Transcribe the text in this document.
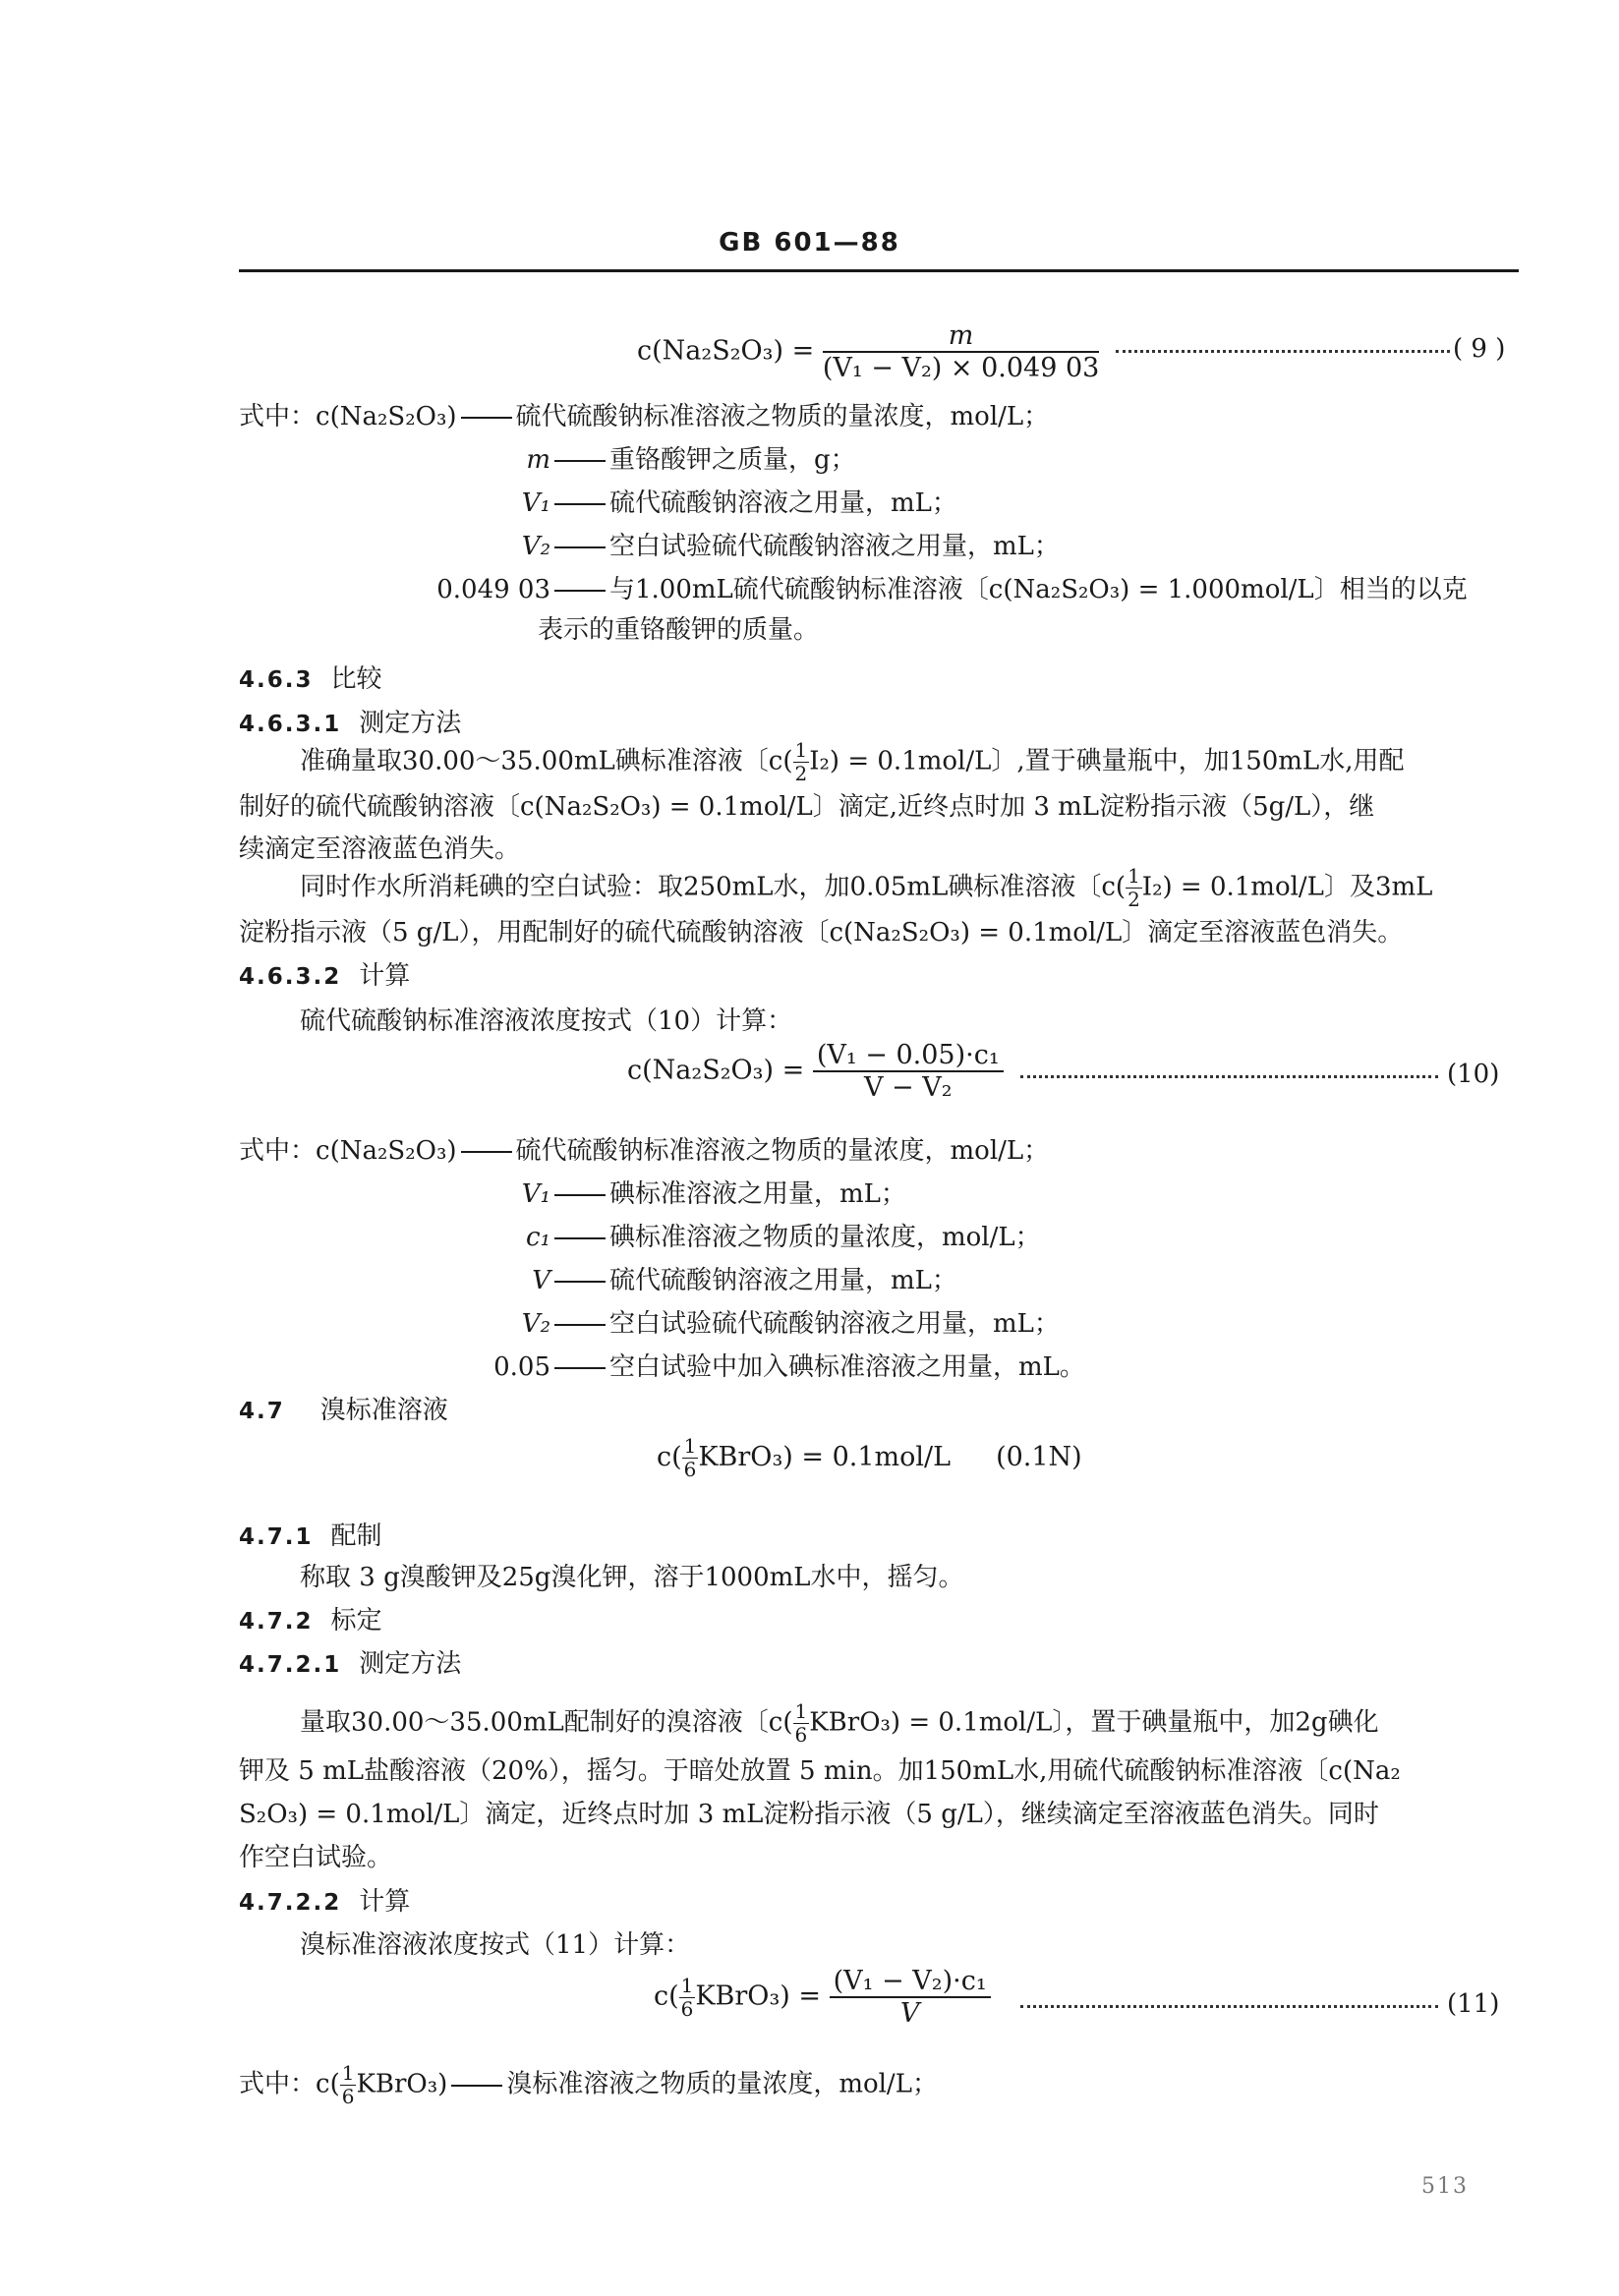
GB 601—88
$c(Na_2S_2O_3) = \frac{m}{\text{(V₁ − V₂) × 0.049 03}}$	( 9 )
式中：c(Na₂S₂O₃) 硫代硫酸钠标准溶液之物质的量浓度，mol/L；
m 重铬酸钾之质量，g；
V₁ 硫代硫酸钠溶液之用量，mL；
V₂ 空白试验硫代硫酸钠溶液之用量，mL；
0.049 03 与1.00mL硫代硫酸钠标准溶液〔c(Na₂S₂O₃) = 1.000mol/L〕相当的以克
表示的重铬酸钾的质量。
4.6.3 比较
4.6.3.1 测定方法
准确量取30.00～35.00mL碘标准溶液〔$c( \frac{1}{2} I_2) = 0.1mol/L$〕,置于碘量瓶中，加150mL水,用配
制好的硫代硫酸钠溶液〔c(Na₂S₂O₃) = 0.1mol/L〕滴定,近终点时加 3 mL淀粉指示液（5g/L），继
续滴定至溶液蓝色消失。
同时作水所消耗碘的空白试验：取250mL水，加0.05mL碘标准溶液〔$c( \frac{1}{2} I_2) = 0.1mol/L$〕及3mL
淀粉指示液（5 g/L），用配制好的硫代硫酸钠溶液〔c(Na₂S₂O₃) = 0.1mol/L〕滴定至溶液蓝色消失。
4.6.3.2 计算
硫代硫酸钠标准溶液浓度按式（10）计算：
$c(Na_2S_2O_3) = \frac{\text{(V₁ − 0.05)·c₁}}{\text{V − V₂}}$	(10)
式中：c(Na₂S₂O₃) 硫代硫酸钠标准溶液之物质的量浓度，mol/L；
V₁ 碘标准溶液之用量，mL；
c₁ 碘标准溶液之物质的量浓度，mol/L；
V 硫代硫酸钠溶液之用量，mL；
V₂ 空白试验硫代硫酸钠溶液之用量，mL；
0.05 空白试验中加入碘标准溶液之用量，mL。
4.7 溴标准溶液
$c( \frac{1}{6}$ KBrO₃) = 0.1mol/L (0.1N)
4.7.1 配制
称取 3 g溴酸钾及25g溴化钾，溶于1000mL水中，摇匀。
4.7.2 标定
4.7.2.1 测定方法
量取30.00～35.00mL配制好的溴溶液〔$c( \frac{1}{6}$ KBrO₃) = 0.1mol/L〕，置于碘量瓶中，加2g碘化
钾及 5 mL盐酸溶液（20%），摇匀。于暗处放置 5 min。加150mL水,用硫代硫酸钠标准溶液〔c(Na₂
S₂O₃) = 0.1mol/L〕滴定，近终点时加 3 mL淀粉指示液（5 g/L），继续滴定至溶液蓝色消失。同时
作空白试验。
4.7.2.2 计算
溴标准溶液浓度按式（11）计算：
$c( \frac{1}{6}$ KBrO₃) = $\frac{\text{(V₁ − V₂)·c₁}}{V}$	(11)
式中：$c( \frac{1}{6}$ KBrO₃) 溴标准溶液之物质的量浓度，mol/L；
513
